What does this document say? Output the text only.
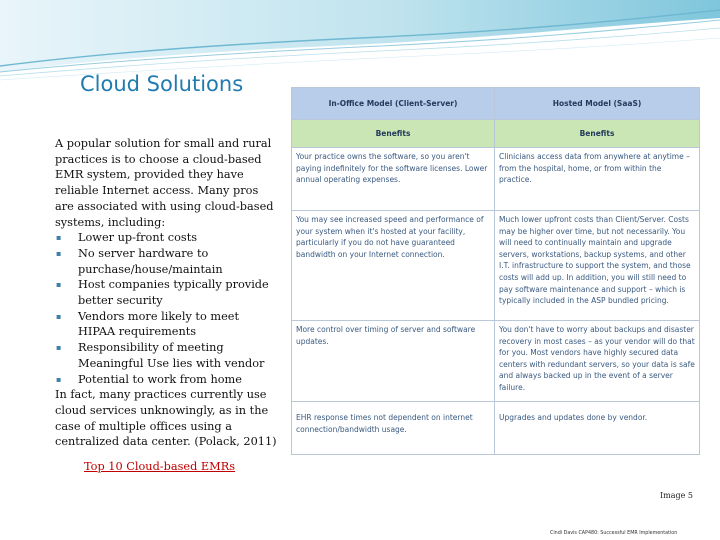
Cloud Solutions

A popular solution for small and rural practices is to choose a cloud-based EMR system, provided they have reliable Internet access. Many pros are associated with using cloud-based systems, including:

▪ Lower up-front costs
▪ No server hardware to purchase/house/maintain
▪ Host companies typically provide better security
▪ Vendors more likely to meet HIPAA requirements
▪ Responsibility of meeting Meaningful Use lies with vendor
▪ Potential to work from home

In fact, many practices currently use cloud services unknowingly, as in the case of multiple offices using a centralized data center. (Polack, 2011)

Top 10 Cloud-based EMRs
In-Office Model (Client-Server)	Hosted Model (SaaS)
Benefits	Benefits
Your practice owns the software, so you aren't paying indefinitely for the software licenses. Lower annual operating expenses.	Clinicians access data from anywhere at anytime – from the hospital, home, or from within the practice.
You may see increased speed and performance of your system when it's hosted at your facility, particularly if you do not have guaranteed bandwidth on your Internet connection.	Much lower upfront costs than Client/Server. Costs may be higher over time, but not necessarily. You will need to continually maintain and upgrade servers, workstations, backup systems, and other I.T. infrastructure to support the system, and those costs will add up. In addition, you will still need to pay software maintenance and support – which is typically included in the ASP bundled pricing.
More control over timing of server and software updates.	You don't have to worry about backups and disaster recovery in most cases – as your vendor will do that for you. Most vendors have highly secured data centers with redundant servers, so your data is safe and always backed up in the event of a server failure.
EHR response times not dependent on internet connection/bandwidth usage.	Upgrades and updates done by vendor.
Image 5
Cindi Davis CAP480: Successful EMR Implementation
